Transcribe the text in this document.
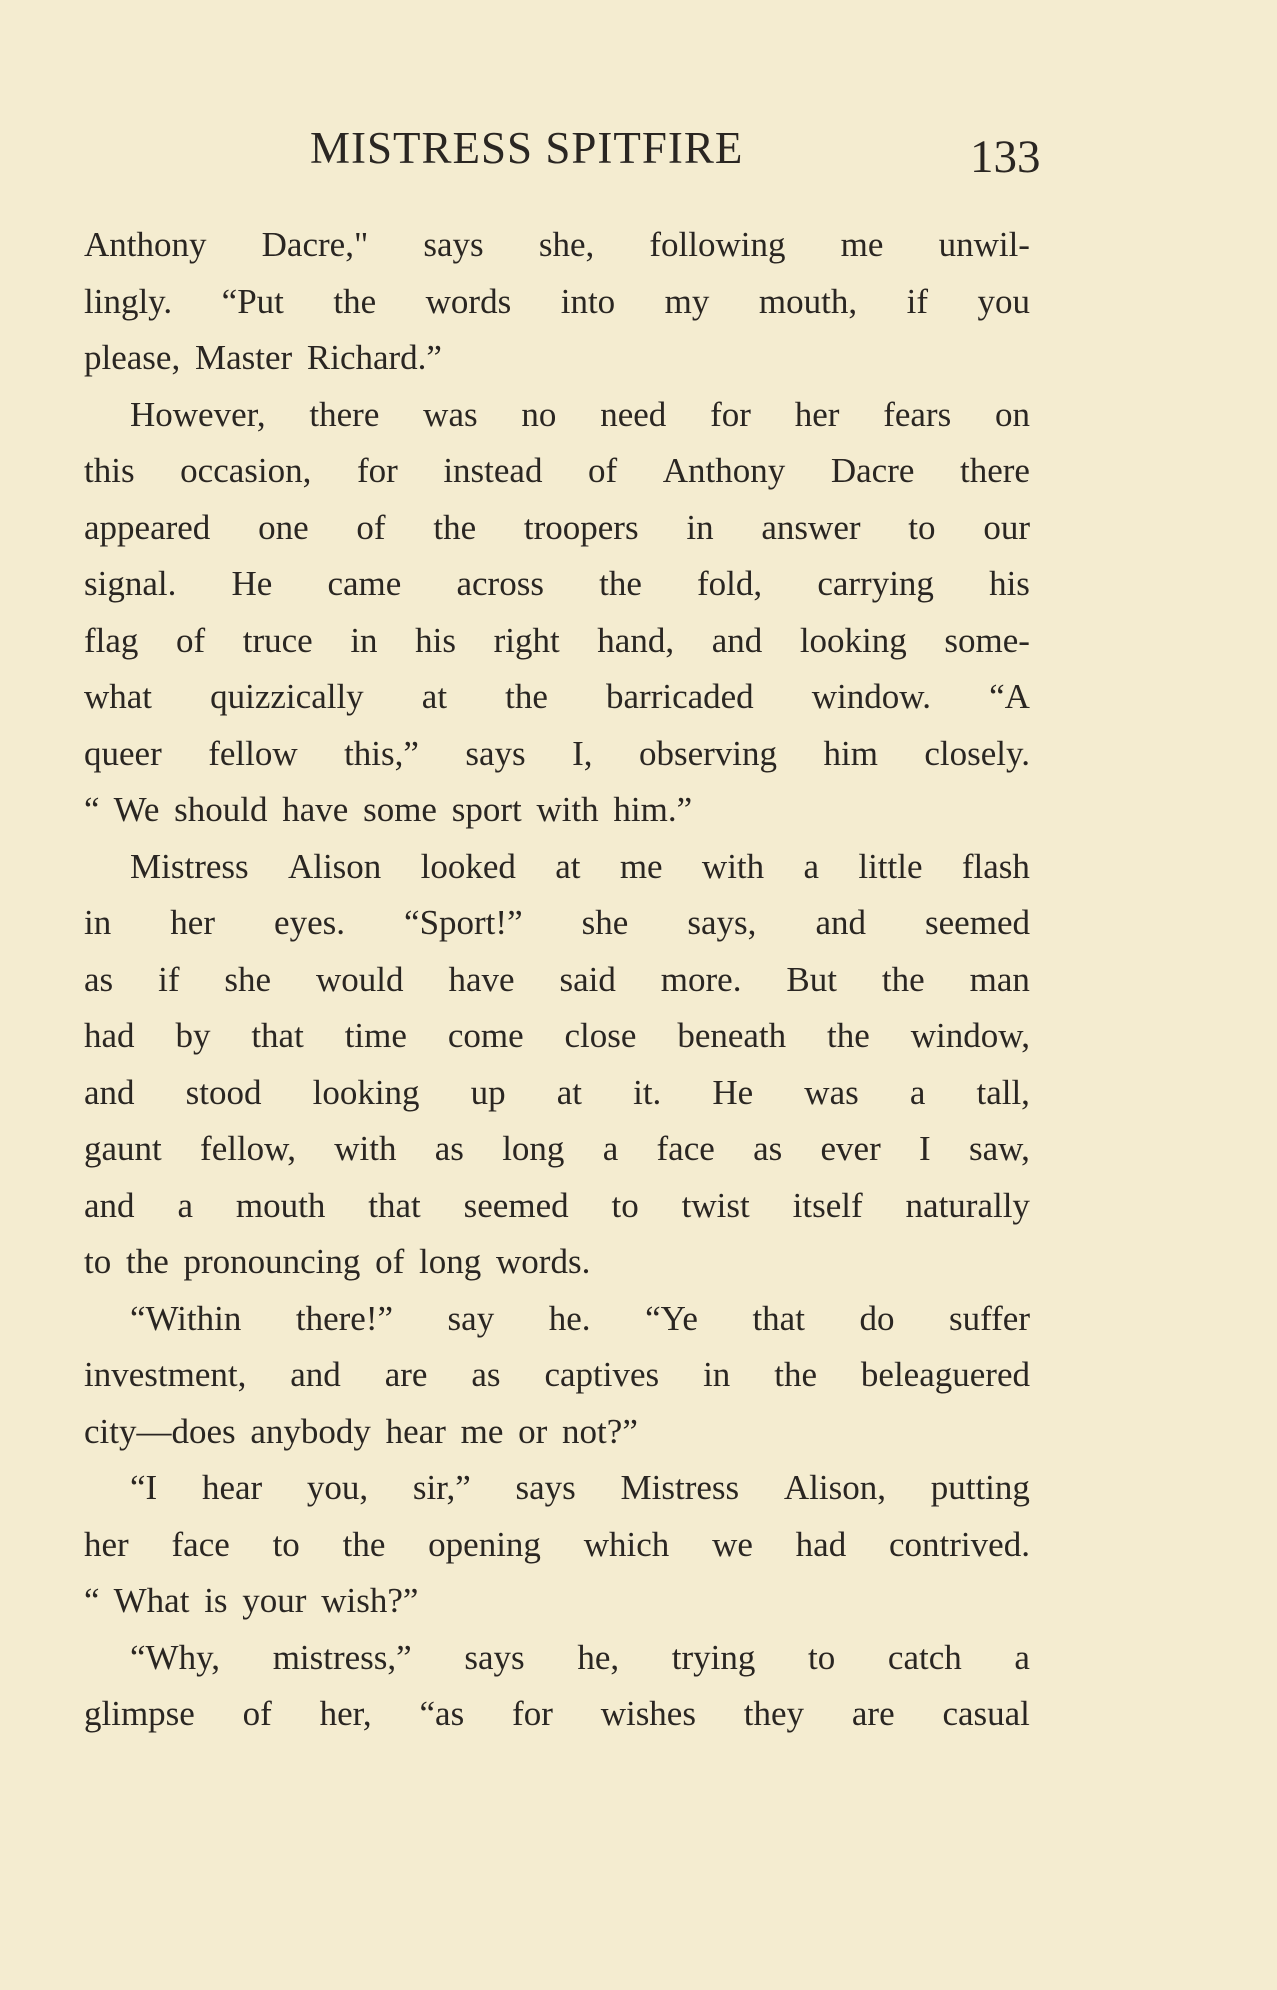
MISTRESS SPITFIRE	133
Anthony Dacre," says she, following me unwil-
lingly. “Put the words into my mouth, if you
please, Master Richard.”
However, there was no need for her fears on
this occasion, for instead of Anthony Dacre there
appeared one of the troopers in answer to our
signal. He came across the fold, carrying his
flag of truce in his right hand, and looking some-
what quizzically at the barricaded window. “A
queer fellow this,” says I, observing him closely.
“ We should have some sport with him.”
Mistress Alison looked at me with a little flash
in her eyes. “Sport!” she says, and seemed
as if she would have said more. But the man
had by that time come close beneath the window,
and stood looking up at it. He was a tall,
gaunt fellow, with as long a face as ever I saw,
and a mouth that seemed to twist itself naturally
to the pronouncing of long words.
“Within there!” say he. “Ye that do suffer
investment, and are as captives in the beleaguered
city—does anybody hear me or not?”
“I hear you, sir,” says Mistress Alison, putting
her face to the opening which we had contrived.
“ What is your wish?”
“Why, mistress,” says he, trying to catch a
glimpse of her, “as for wishes they are casual
